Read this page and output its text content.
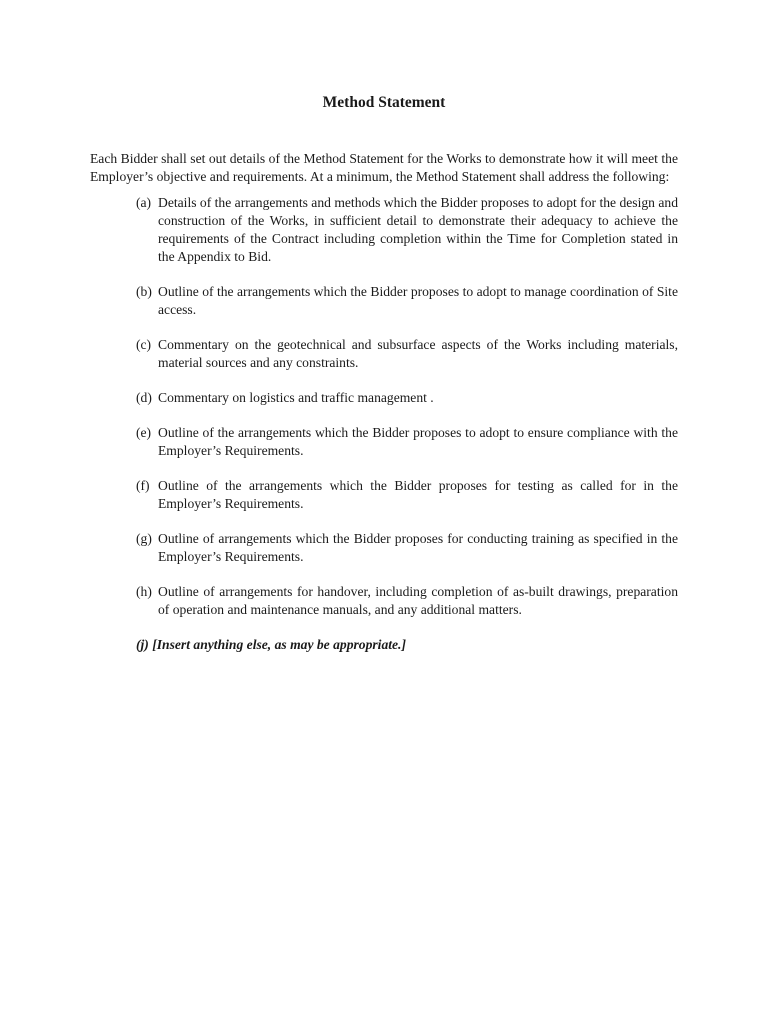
Method Statement

Each Bidder shall set out details of the Method Statement for the Works to demonstrate how it will meet the Employer’s objective and requirements. At a minimum, the Method Statement shall address the following:

(a) Details of the arrangements and methods which the Bidder proposes to adopt for the design and construction of the Works, in sufficient detail to demonstrate their adequacy to achieve the requirements of the Contract including completion within the Time for Completion stated in the Appendix to Bid.
(b) Outline of the arrangements which the Bidder proposes to adopt to manage coordination of Site access.
(c) Commentary on the geotechnical and subsurface aspects of the Works including materials, material sources and any constraints.
(d) Commentary on logistics and traffic management .
(e) Outline of the arrangements which the Bidder proposes to adopt to ensure compliance with the Employer’s Requirements.
(f) Outline of the arrangements which the Bidder proposes for testing as called for in the Employer’s Requirements.
(g) Outline of arrangements which the Bidder proposes for conducting training as specified in the Employer’s Requirements.
(h) Outline of arrangements for handover, including completion of as-built drawings, preparation of operation and maintenance manuals, and any additional matters.

(j) [Insert anything else, as may be appropriate.]
